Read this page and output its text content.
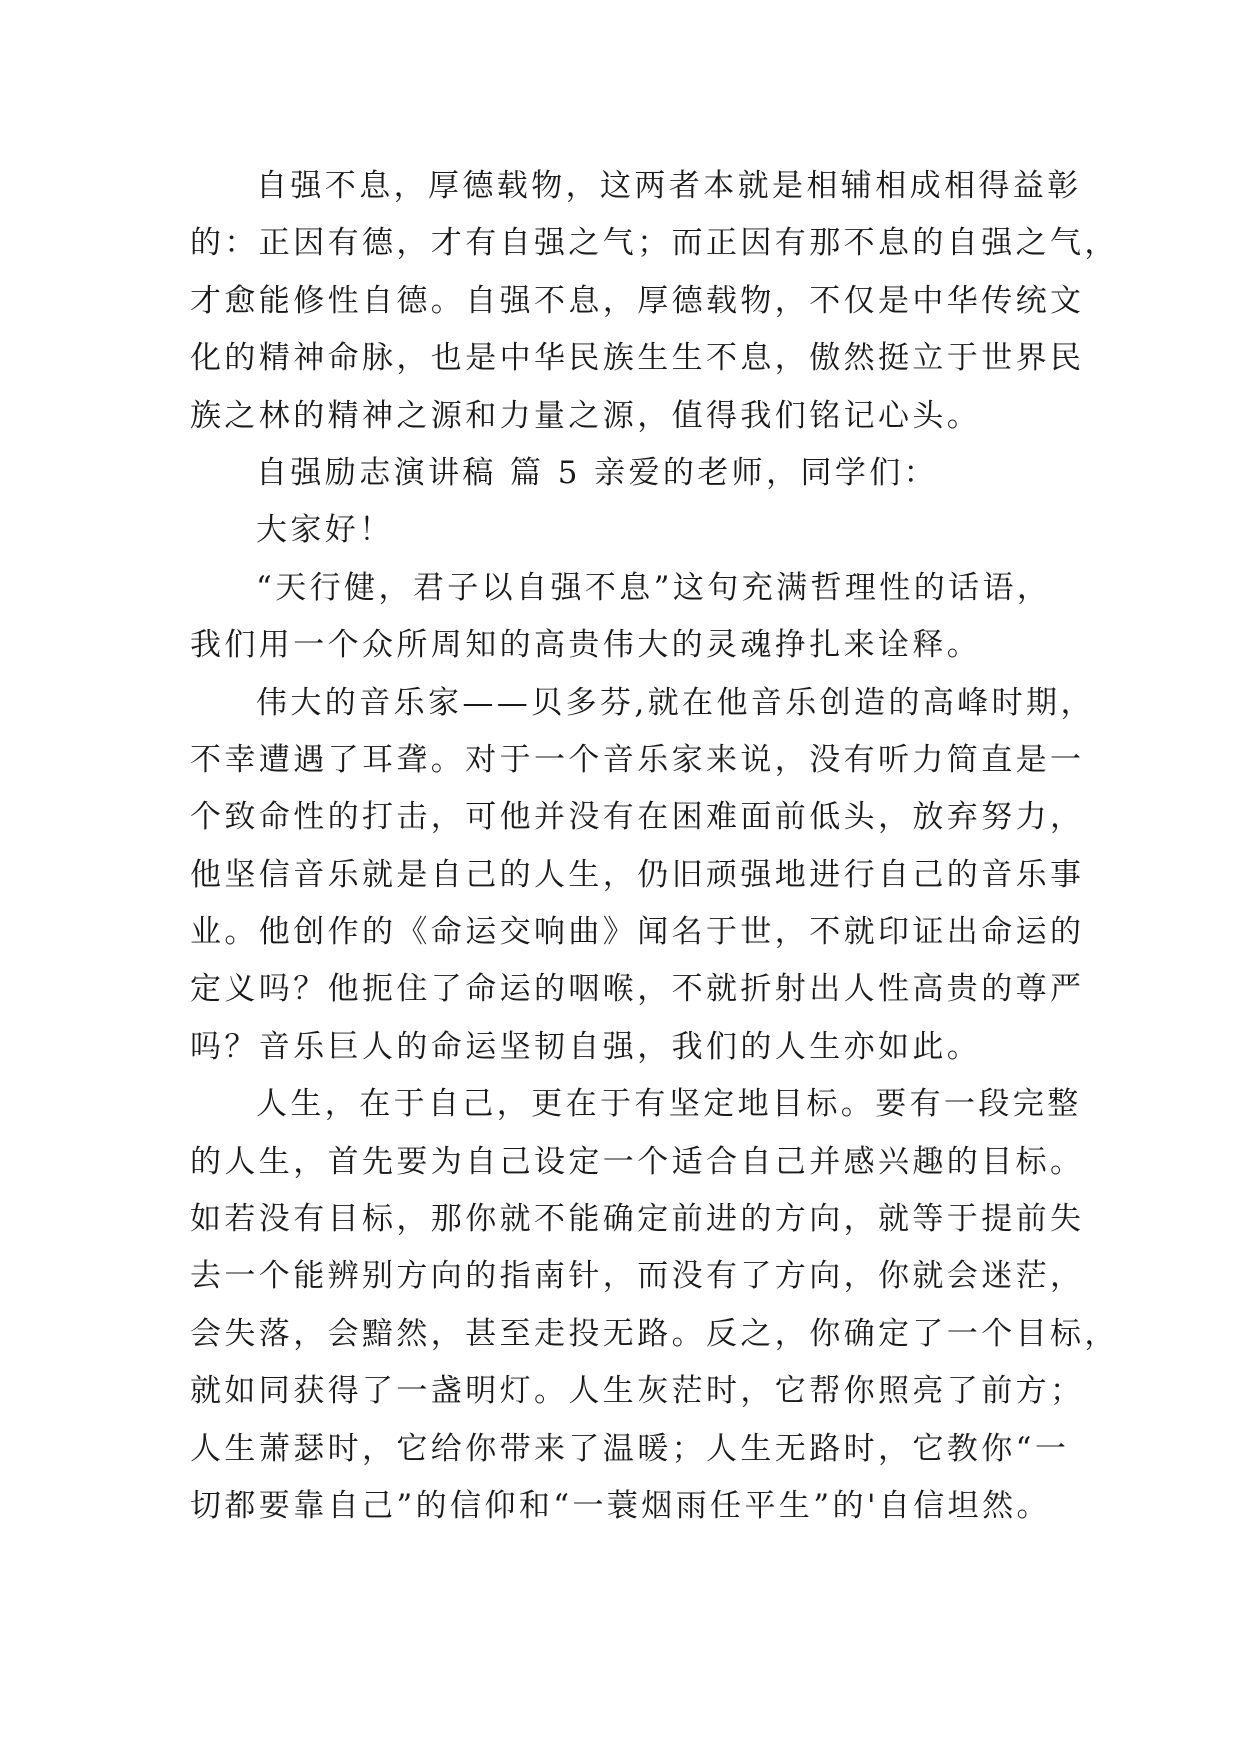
自强不息，厚德载物，这两者本就是相辅相成相得益彰
的：正因有德，才有自强之气；而正因有那不息的自强之气，
才愈能修性自德。自强不息，厚德载物，不仅是中华传统文
化的精神命脉，也是中华民族生生不息，傲然挺立于世界民
族之林的精神之源和力量之源，值得我们铭记心头。
自强励志演讲稿 篇 5 亲爱的老师，同学们：
大家好！
“天行健，君子以自强不息”这句充满哲理性的话语，
我们用一个众所周知的高贵伟大的灵魂挣扎来诠释。
伟大的音乐家——贝多芬,就在他音乐创造的高峰时期，
不幸遭遇了耳聋。对于一个音乐家来说，没有听力简直是一
个致命性的打击，可他并没有在困难面前低头，放弃努力，
他坚信音乐就是自己的人生，仍旧顽强地进行自己的音乐事
业。他创作的《命运交响曲》闻名于世，不就印证出命运的
定义吗？他扼住了命运的咽喉，不就折射出人性高贵的尊严
吗？音乐巨人的命运坚韧自强，我们的人生亦如此。
人生，在于自己，更在于有坚定地目标。要有一段完整
的人生，首先要为自己设定一个适合自己并感兴趣的目标。
如若没有目标，那你就不能确定前进的方向，就等于提前失
去一个能辨别方向的指南针，而没有了方向，你就会迷茫，
会失落，会黯然，甚至走投无路。反之，你确定了一个目标，
就如同获得了一盏明灯。人生灰茫时，它帮你照亮了前方；
人生萧瑟时，它给你带来了温暖；人生无路时，它教你“一
切都要靠自己”的信仰和“一蓑烟雨任平生”的'自信坦然。
